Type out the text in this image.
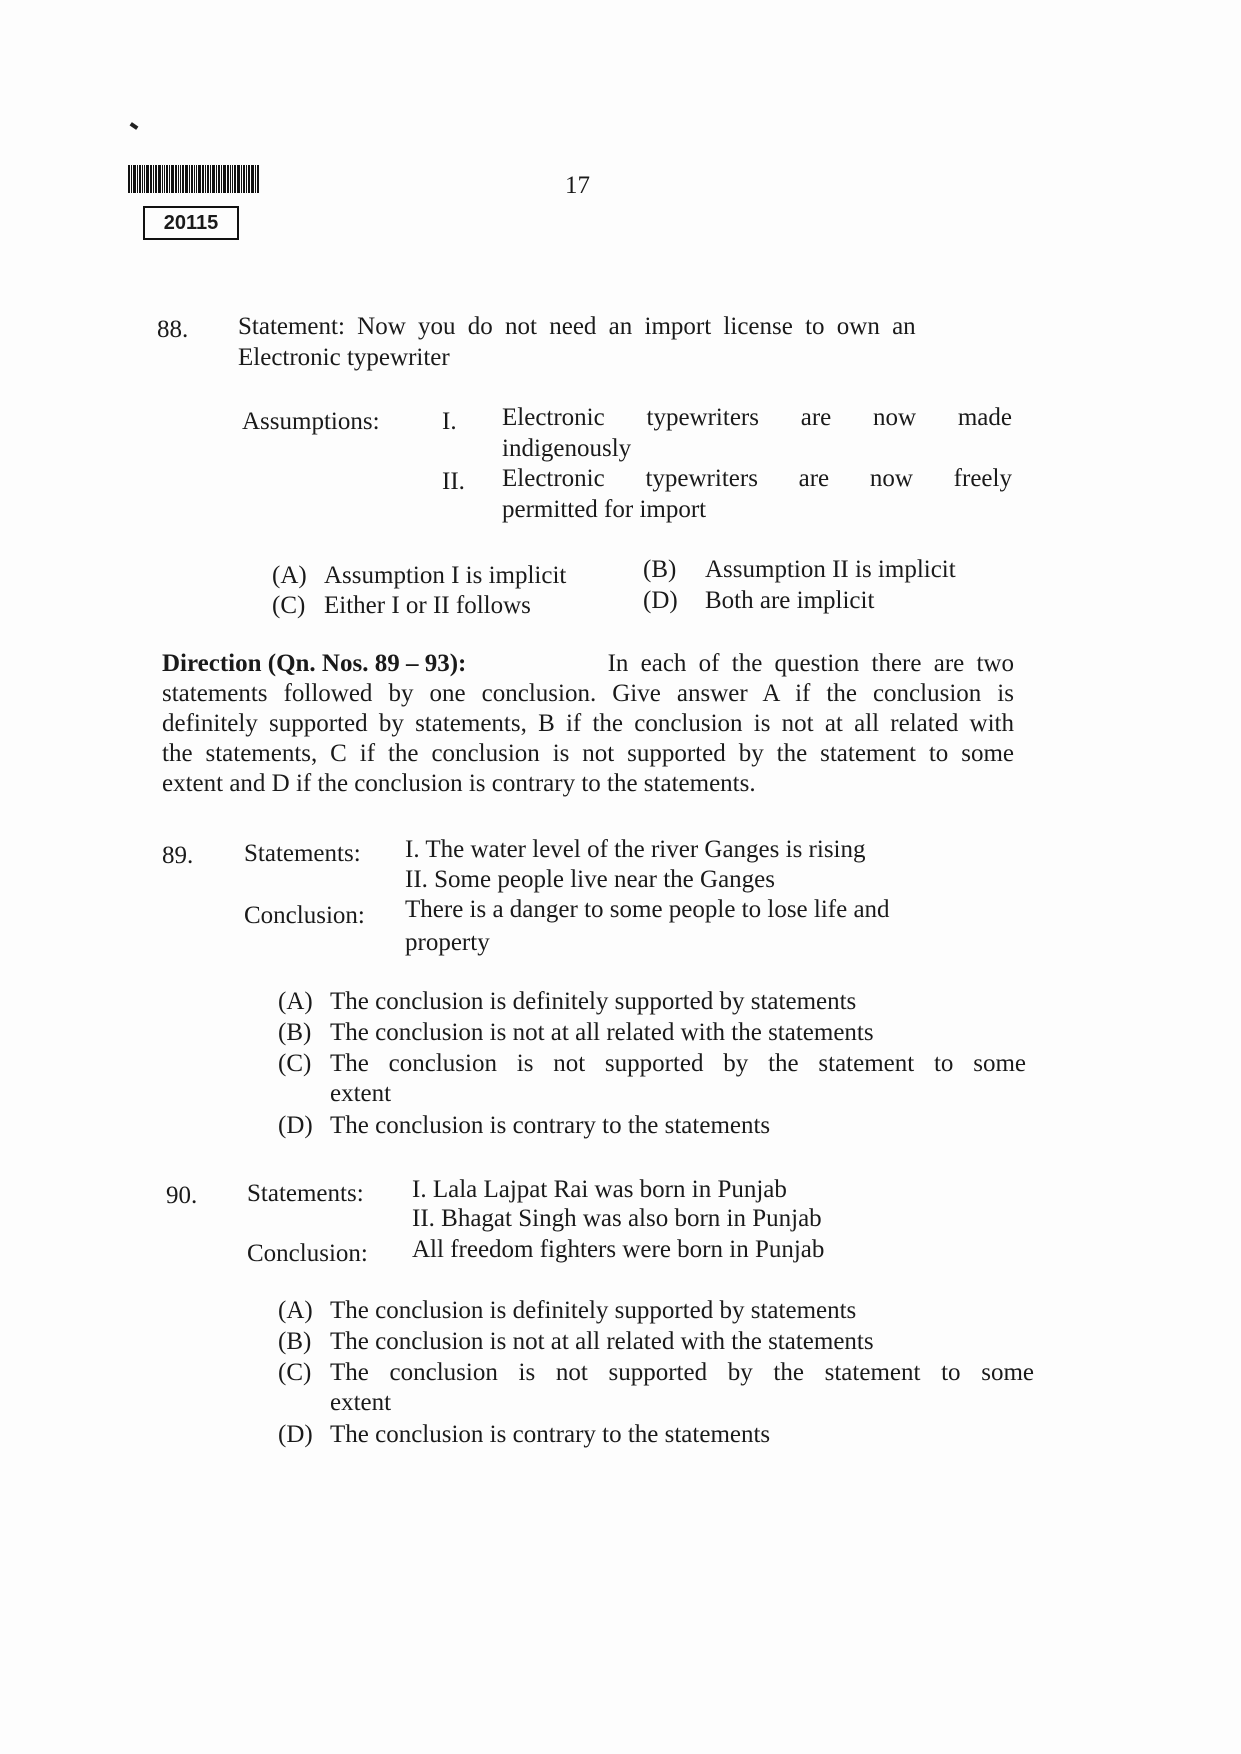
20115
17
88. Statement: Now you do not need an import license to own an
Electronic typewriter
Assumptions: I. Electronic typewriters are now made
indigenously
II. Electronic typewriters are now freely
permitted for import
(A) Assumption I is implicit	(B) Assumption II is implicit
(C) Either I or II follows	(D) Both are implicit
Direction (Qn. Nos. 89 – 93):	In each of the question there are two
statements followed by one conclusion. Give answer A if the conclusion is
definitely supported by statements, B if the conclusion is not at all related with
the statements, C if the conclusion is not supported by the statement to some
extent and D if the conclusion is contrary to the statements.
89. Statements: I. The water level of the river Ganges is rising
II. Some people live near the Ganges
Conclusion: There is a danger to some people to lose life and
property
(A) The conclusion is definitely supported by statements
(B) The conclusion is not at all related with the statements
(C) The conclusion is not supported by the statement to some
extent
(D) The conclusion is contrary to the statements
90. Statements: I. Lala Lajpat Rai was born in Punjab
II. Bhagat Singh was also born in Punjab
Conclusion: All freedom fighters were born in Punjab
(A) The conclusion is definitely supported by statements
(B) The conclusion is not at all related with the statements
(C) The conclusion is not supported by the statement to some
extent
(D) The conclusion is contrary to the statements
